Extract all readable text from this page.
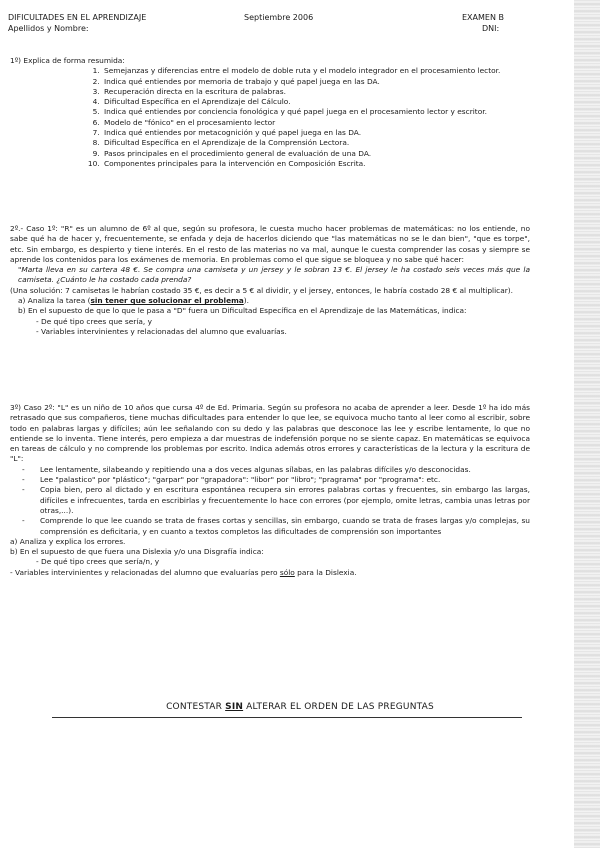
DIFICULTADES EN EL APRENDIZAJE	Septiembre 2006	EXAMEN B
Apellidos y Nombre:	DNI:

1º) Explica de forma resumida:

1. Semejanzas y diferencias entre el modelo de doble ruta y el modelo integrador en el procesamiento lector.
2. Indica qué entiendes por memoria de trabajo y qué papel juega en las DA.
3. Recuperación directa en la escritura de palabras.
4. Dificultad Específica en el Aprendizaje del Cálculo.
5. Indica qué entiendes por conciencia fonológica y qué papel juega en el procesamiento lector y escritor.
6. Modelo de "fónico" en el procesamiento lector
7. Indica qué entiendes por metacognición y qué papel juega en las DA.
8. Dificultad Específica en el Aprendizaje de la Comprensión Lectora.
9. Pasos principales en el procedimiento general de evaluación de una DA.
10. Componentes principales para la intervención en Composición Escrita.

2º.- Caso 1º: "R" es un alumno de 6º al que, según su profesora, le cuesta mucho hacer problemas de matemáticas: no los entiende, no sabe qué ha de hacer y, frecuentemente, se enfada y deja de hacerlos diciendo que "las matemáticas no se le dan bien", "que es torpe", etc. Sin embargo, es despierto y tiene interés. En el resto de las materias no va mal, aunque le cuesta comprender las cosas y siempre se aprende los contenidos para los exámenes de memoria. En problemas como el que sigue se bloquea y no sabe qué hacer:

"Marta lleva en su cartera 48 €. Se compra una camiseta y un jersey y le sobran 13 €. El jersey le ha costado seis veces más que la camiseta. ¿Cuánto le ha costado cada prenda?

(Una solución: 7 camisetas le habrían costado 35 €, es decir a 5 € al dividir, y el jersey, entonces, le habría costado 28 € al multiplicar).

a) Analiza la tarea (sin tener que solucionar el problema).

b) En el supuesto de que lo que le pasa a "D" fuera un Dificultad Específica en el Aprendizaje de las Matemáticas, indica:

- De qué tipo crees que sería, y

- Variables intervinientes y relacionadas del alumno que evaluarías.

3º) Caso 2º: "L" es un niño de 10 años que cursa 4º de Ed. Primaria. Según su profesora no acaba de aprender a leer. Desde 1º ha ido más retrasado que sus compañeros, tiene muchas dificultades para entender lo que lee, se equivoca mucho tanto al leer como al escribir, sobre todo en palabras largas y difíciles; aún lee señalando con su dedo y las palabras que desconoce las lee y escribe lentamente, lo que no entiende se lo inventa. Tiene interés, pero empieza a dar muestras de indefensión porque no se siente capaz. En matemáticas se equivoca en tareas de cálculo y no comprende los problemas por escrito. Indica además otros errores y características de la lectura y la escritura de "L":

-	Lee lentamente, silabeando y repitiendo una a dos veces algunas sílabas, en las palabras difíciles y/o desconocidas.
-	Lee "palastico" por "plástico"; "garpar" por "grapadora": "libor" por "libro"; "pragrama" por "programa": etc.
-	Copia bien, pero al dictado y en escritura espontánea recupera sin errores palabras cortas y frecuentes, sin embargo las largas, difíciles e infrecuentes, tarda en escribirlas y frecuentemente lo hace con errores (por ejemplo, omite letras, cambia unas letras por otras,...).
-	Comprende lo que lee cuando se trata de frases cortas y sencillas, sin embargo, cuando se trata de frases largas y/o complejas, su comprensión es deficitaria, y en cuanto a textos completos las dificultades de comprensión son importantes

a) Analiza y explica los errores.

b) En el supuesto de que fuera una Dislexia y/o una Disgrafía indica:

- De qué tipo crees que sería/n, y

- Variables intervinientes y relacionadas del alumno que evaluarías pero sólo para la Dislexia.

CONTESTAR SIN ALTERAR EL ORDEN DE LAS PREGUNTAS
